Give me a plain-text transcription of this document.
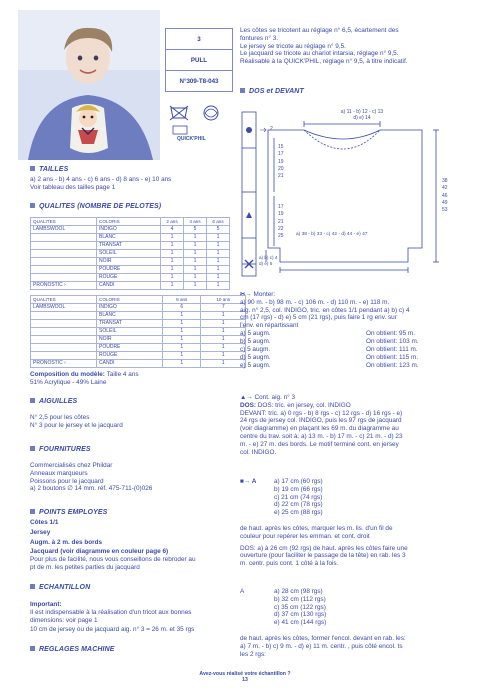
3
PULL
N°309-T8-043
QUICK'PHIL
TAILLES

a) 2 ans - b) 4 ans - c) 6 ans - d) 8 ans - e) 10 ans

Voir tableau des tailles page 1

QUALITES (NOMBRE DE PELOTES)
QUALITES	COLORIS	2 ans	4 ans	6 ans
LAMBSWOOL	INDIGO	4	5	5
	BLANC	1	1	1
	TRANSAT	1	1	1
	SOLEIL	1	1	1
	NOIR	1	1	1
	POUDRE	1	1	1
	ROUGE	1	1	1
PRONOSTIC ›	CANDI	1	1	1
QUALITES	COLORIS	8 ans	10 ans
LAMBSWOOL	INDIGO	6	7
	BLANC	1	1
	TRANSAT	1	1
	SOLEIL	1	1
	NOIR	1	1
	POUDRE	1	1
	ROUGE	1	1
PRONOSTIC ›	CANDI	1	1

Composition du modèle: Taille 4 ans

51% Acrylique - 49% Laine

AIGUILLES

N° 2,5 pour les côtes

N° 3 pour le jersey et le jacquard

FOURNITURES

Commercialisés chez Phildar

Anneaux marqueurs

Poissons pour le jacquard

a) 2 boutons ∅ 14 mm. réf. 475-711-(0)026

POINTS EMPLOYES

Côtes 1/1

Jersey

Augm. à 2 m. des bords

Jacquard (voir diagramme en couleur page 6)

Pour plus de facilité, nous vous conseillons de rebroder au

pt de m. les petites parties du jacquard

ECHANTILLON

Important:

Il est indispensable à la réalisation d'un tricot aux bonnes

dimensions: voir page 1

10 cm de jersey ou de jacquard aig. n° 3 = 26 m. et 35 rgs

REGLAGES MACHINE

Les côtes se tricotent au réglage n° 6,5, écartement des

fontures n° 3.

Le jersey se tricote au réglage n° 9,5.

Le jacquard se tricote au chariot intarsia, réglage n° 9,5.

Réalisable à la QUICK'PHIL, réglage n° 9,5, à titre indicatif.

DOS et DEVANT

a) 11 - b) 12 - c) 13

d) e) 14

2

15

17

19

20

21

17

19

21

22

25

38

42

46

49

53

a) 38 - b) 33 - c) 42 - d) 44 - e) 47

a) b) c) 4

d) e) 5

✂→ Monter:

a) 90 m. - b) 98 m. - c) 106 m. - d) 110 m. - e) 118 m.

aig. n° 2,5, col. INDIGO, tric. en côtes 1/1 pendant a) b) c) 4

cm (17 rgs) - d) e) 5 cm (21 rgs), puis faire 1 rg env. sur

l'env. en répartissant

a) 5 augm.	On obtient: 95 m.
b) 5 augm.	On obtient: 103 m.
c) 5 augm.	On obtient: 111 m.
d) 5 augm.	On obtient: 115 m.
e) 5 augm.	On obtient: 123 m.

▲→ Cont. aig. n° 3

DOS: DOS: tric. en jersey, col. INDIGO

DEVANT: tric. a) 0 rgs - b) 8 rgs - c) 12 rgs - d) 16 rgs - e)

24 rgs de jersey col. INDIGO, puis les 97 rgs de jacquard

(voir diagramme) en plaçant les 69 m. du diagramme au

centre du trav. soit à: a) 13 m. - b) 17 m. - c) 21 m. - d) 23

m. - e) 27 m. des bords. Le motif terminé cont. en jersey

col. INDIGO.

■→ A	a) 17 cm (60 rgs)

b) 19 cm (66 rgs)

c) 21 cm (74 rgs)

d) 22 cm (78 rgs)

e) 25 cm (88 rgs)

de haut. après les côtes, marquer les m. lis. d'un fil de

couleur pour repérer les emman. et cont. droit

DOS: a) à 26 cm (92 rgs) de haut. après les côtes faire une

ouverture (pour faciliter le passage de la tête) en rab. les 3

m. centr. puis cont. 1 côté à la fois.

A	a) 28 cm (98 rgs)

b) 32 cm (112 rgs)

c) 35 cm (122 rgs)

d) 37 cm (130 rgs)

e) 41 cm (144 rgs)

de haut. après les côtes, former l'encol. devant en rab. les:

a) 7 m. - b) c) 9 m. - d) e) 11 m. centr. , puis côté encol. ts

les 2 rgs:

Avez-vous réalisé votre échantillon ?

13
